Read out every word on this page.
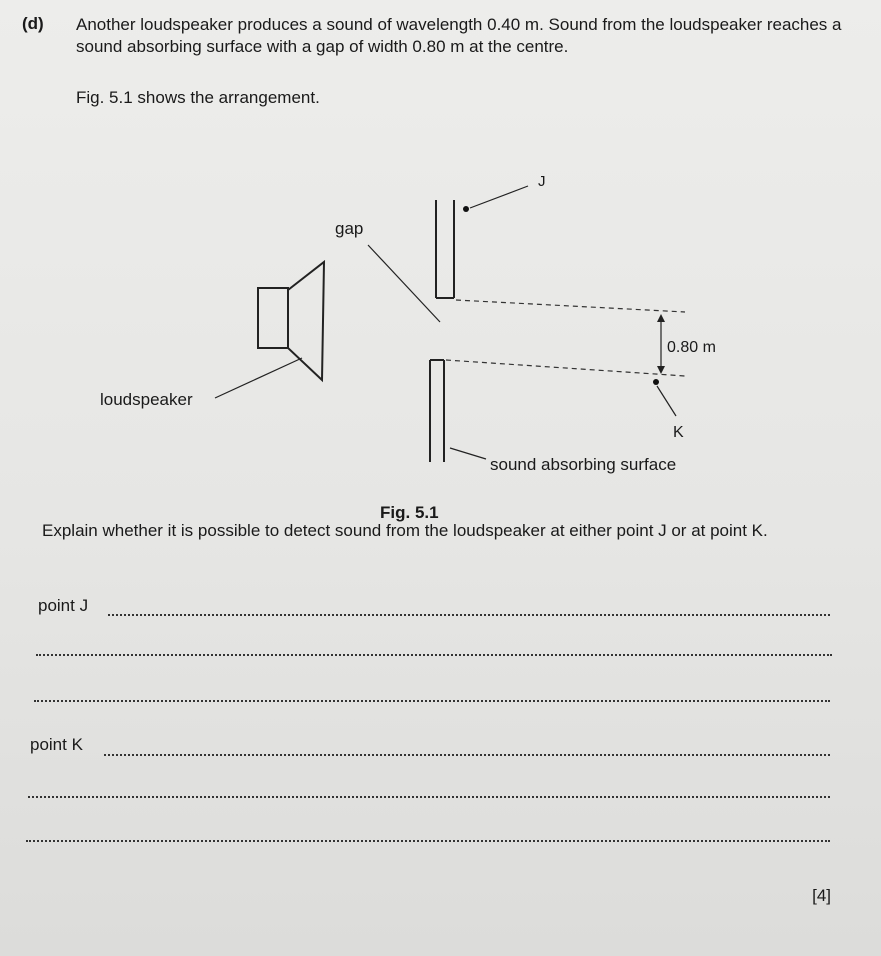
(d) Another loudspeaker produces a sound of wavelength 0.40 m. Sound from the loudspeaker reaches a sound absorbing surface with a gap of width 0.80 m at the centre.
Fig. 5.1 shows the arrangement.
0.80 m
gap
J
K
sound absorbing surface
loudspeaker
Fig. 5.1
Explain whether it is possible to detect sound from the loudspeaker at either point J or at point K.
point J
point K
[4]
